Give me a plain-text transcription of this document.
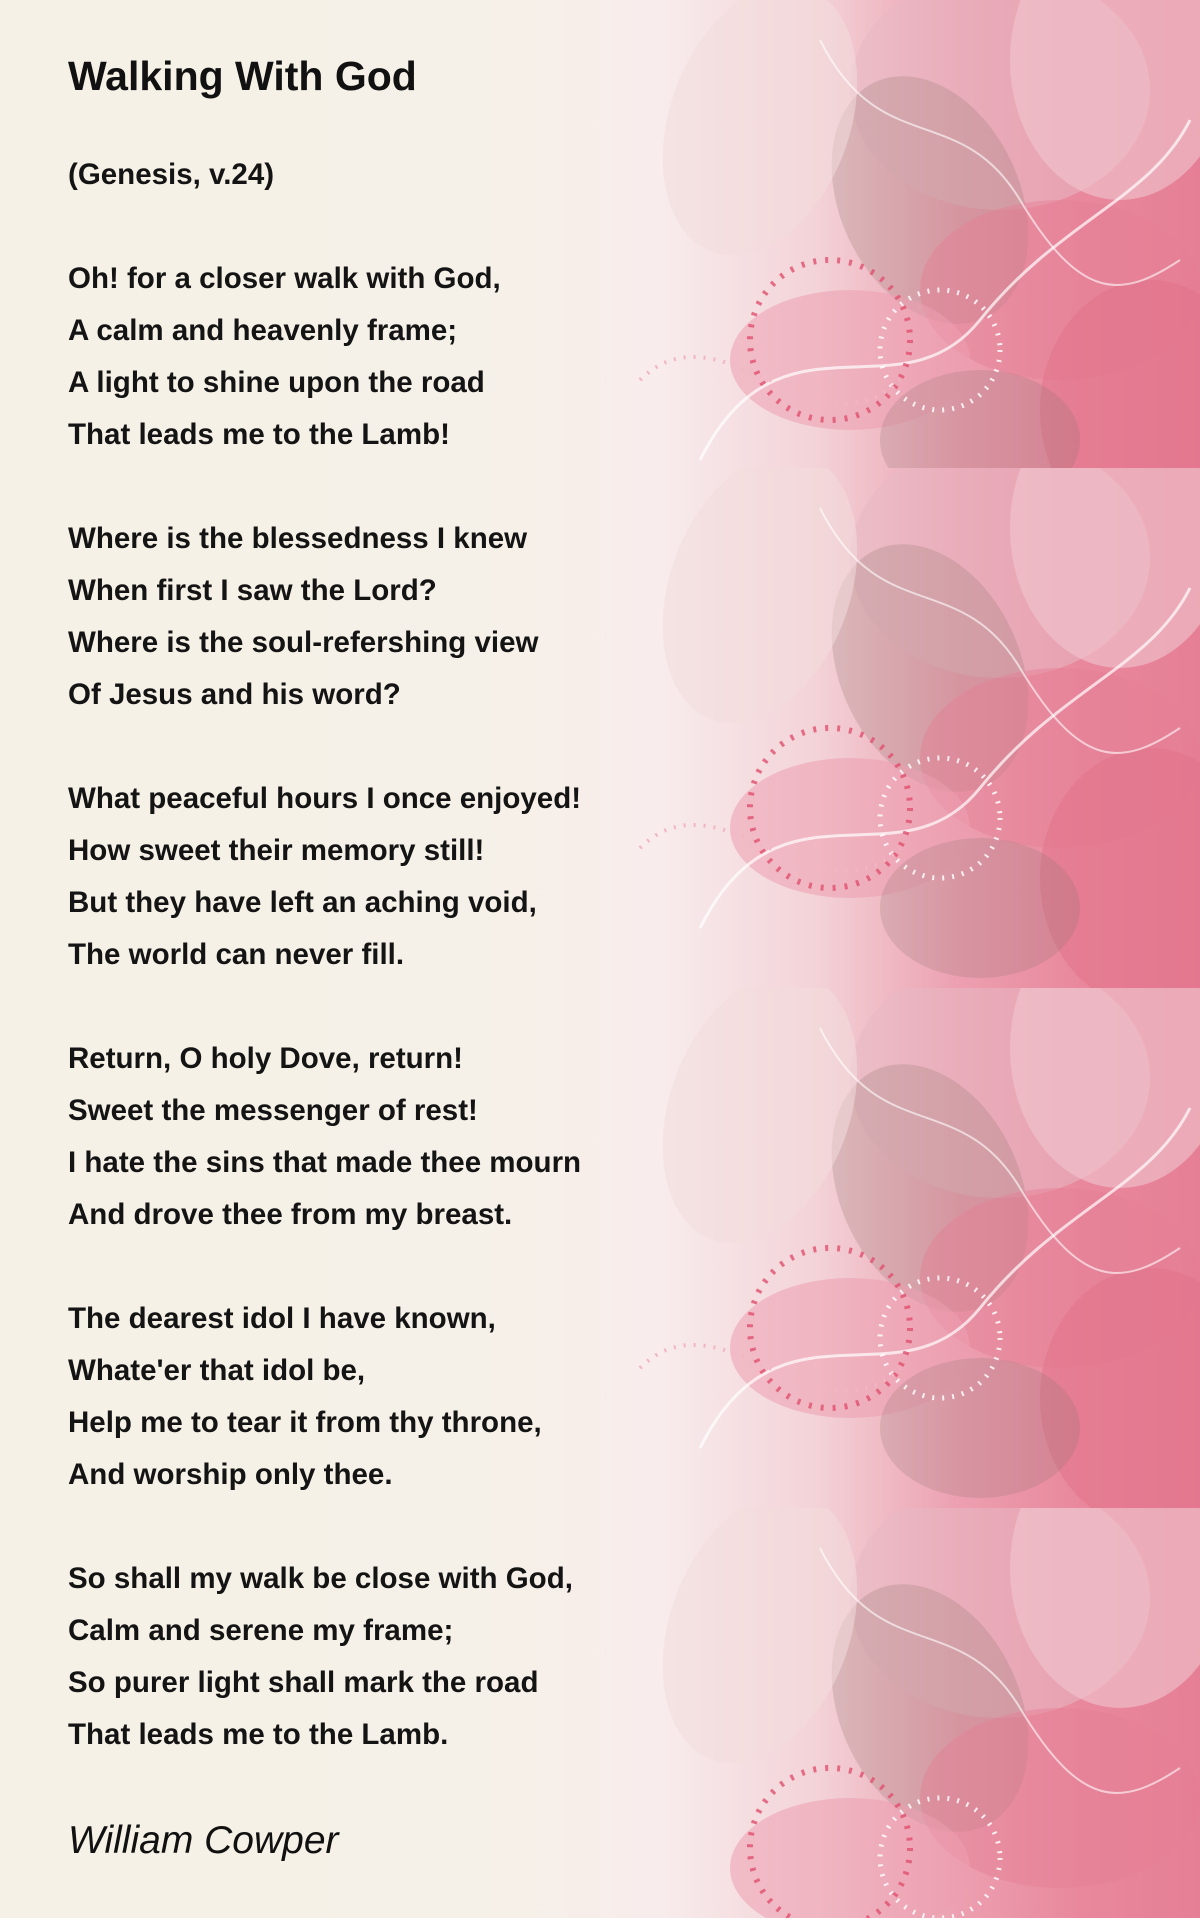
Walking With God

(Genesis, v.24)

Oh! for a closer walk with God,

A calm and heavenly frame;

A light to shine upon the road

That leads me to the Lamb!

Where is the blessedness I knew

When first I saw the Lord?

Where is the soul-refershing view

Of Jesus and his word?

What peaceful hours I once enjoyed!

How sweet their memory still!

But they have left an aching void,

The world can never fill.

Return, O holy Dove, return!

Sweet the messenger of rest!

I hate the sins that made thee mourn

And drove thee from my breast.

The dearest idol I have known,

Whate'er that idol be,

Help me to tear it from thy throne,

And worship only thee.

So shall my walk be close with God,

Calm and serene my frame;

So purer light shall mark the road

That leads me to the Lamb.

William Cowper
